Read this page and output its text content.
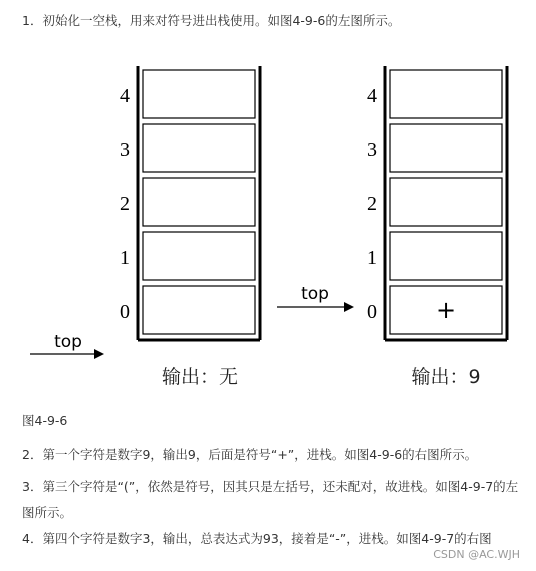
1．初始化一空栈，用来对符号进出栈使用。如图4-9-6的左图所示。
4
3
2
1
0
top
输出：无
4
3
2
1
0 +
top
输出：9
图4-9-6
2．第一个字符是数字9，输出9，后面是符号“+”，进栈。如图4-9-6的右图所示。
3．第三个字符是“(”，依然是符号，因其只是左括号，还未配对，故进栈。如图4-9-7的左图所示。
4．第四个字符是数字3，输出，总表达式为93，接着是“-”，进栈。如图4-9-7的右图
CSDN @AC.WJH
